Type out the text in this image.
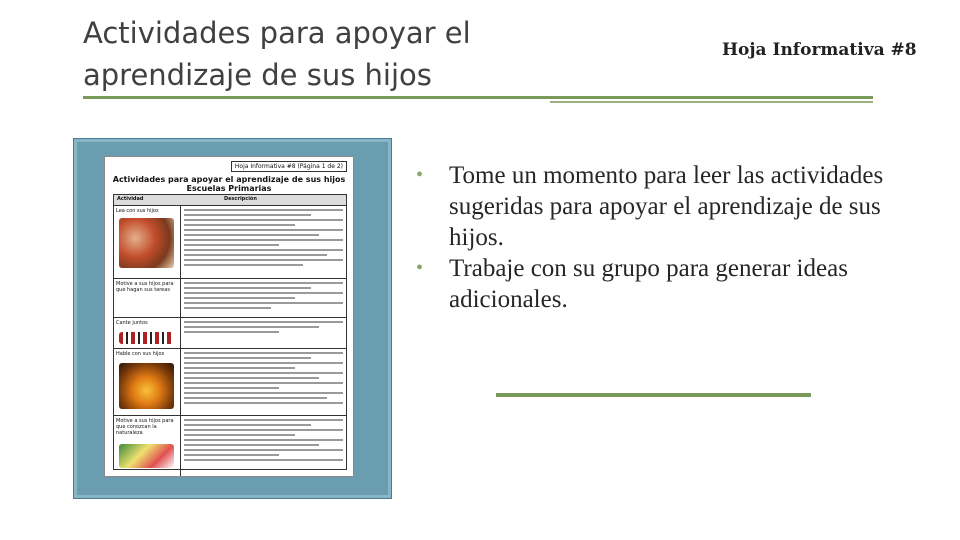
Actividades para apoyar el aprendizaje de sus hijos

Hoja Informativa #8

Hoja Informativa #8 (Página 1 de 2)
Actividades para apoyar el aprendizaje de sus hijos Escuelas Primarias
Actividad	Descripción
Lea con sus hijos
Motive a sus hijos para que hagan sus tareas
Cante juntos
Hable con sus hijos
Motive a sus hijos para que conozcan la naturaleza
• Tome un momento para leer las actividades sugeridas para apoyar el aprendizaje de sus hijos.
• Trabaje con su grupo para generar ideas adicionales.
